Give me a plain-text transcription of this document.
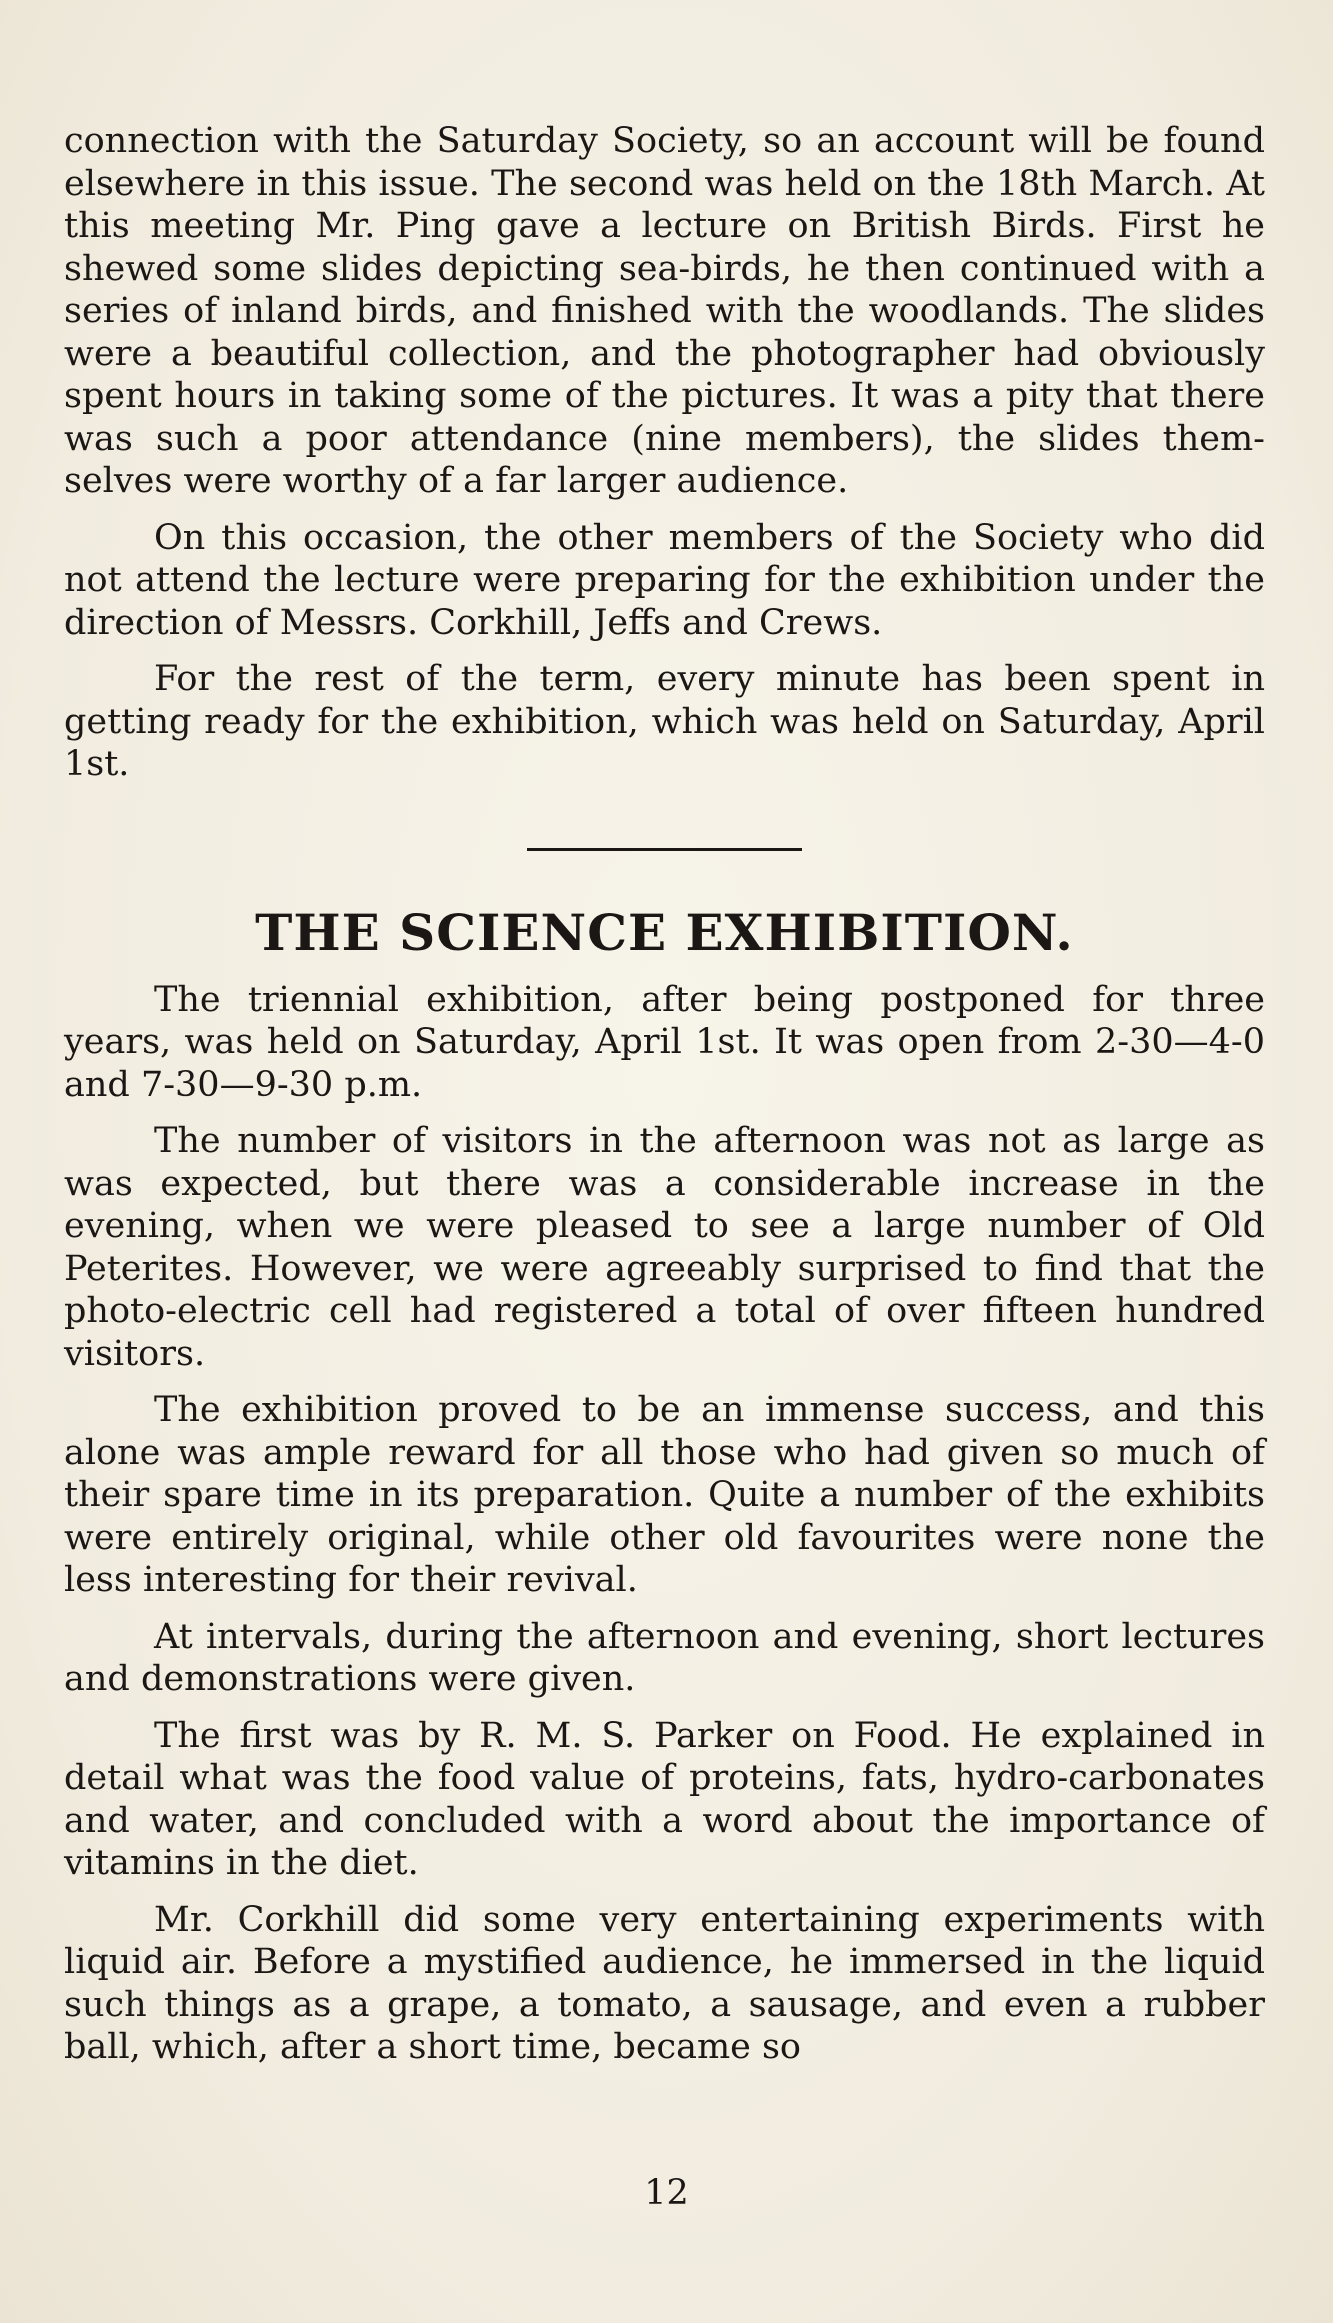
connection with the Saturday Society, so an account will be found elsewhere in this issue. The second was held on the 18th March. At this meeting Mr. Ping gave a lecture on British Birds. First he shewed some slides depicting sea-birds, he then continued with a series of inland birds, and finished with the woodlands. The slides were a beautiful collection, and the photographer had obviously spent hours in taking some of the pictures. It was a pity that there was such a poor attendance (nine members), the slides them-selves were worthy of a far larger audience.

On this occasion, the other members of the Society who did not attend the lecture were preparing for the exhibition under the direction of Messrs. Corkhill, Jeffs and Crews.

For the rest of the term, every minute has been spent in getting ready for the exhibition, which was held on Saturday, April 1st.

THE SCIENCE EXHIBITION.

The triennial exhibition, after being postponed for three years, was held on Saturday, April 1st. It was open from 2-30—4-0 and 7-30—9-30 p.m.

The number of visitors in the afternoon was not as large as was expected, but there was a considerable increase in the evening, when we were pleased to see a large number of Old Peterites. However, we were agreeably surprised to find that the photo-electric cell had registered a total of over fifteen hundred visitors.

The exhibition proved to be an immense success, and this alone was ample reward for all those who had given so much of their spare time in its preparation. Quite a number of the exhibits were entirely original, while other old favourites were none the less interesting for their revival.

At intervals, during the afternoon and evening, short lectures and demonstrations were given.

The first was by R. M. S. Parker on Food. He explained in detail what was the food value of proteins, fats, hydro-carbonates and water, and concluded with a word about the importance of vitamins in the diet.

Mr. Corkhill did some very entertaining experiments with liquid air. Before a mystified audience, he immersed in the liquid such things as a grape, a tomato, a sausage, and even a rubber ball, which, after a short time, became so

12
